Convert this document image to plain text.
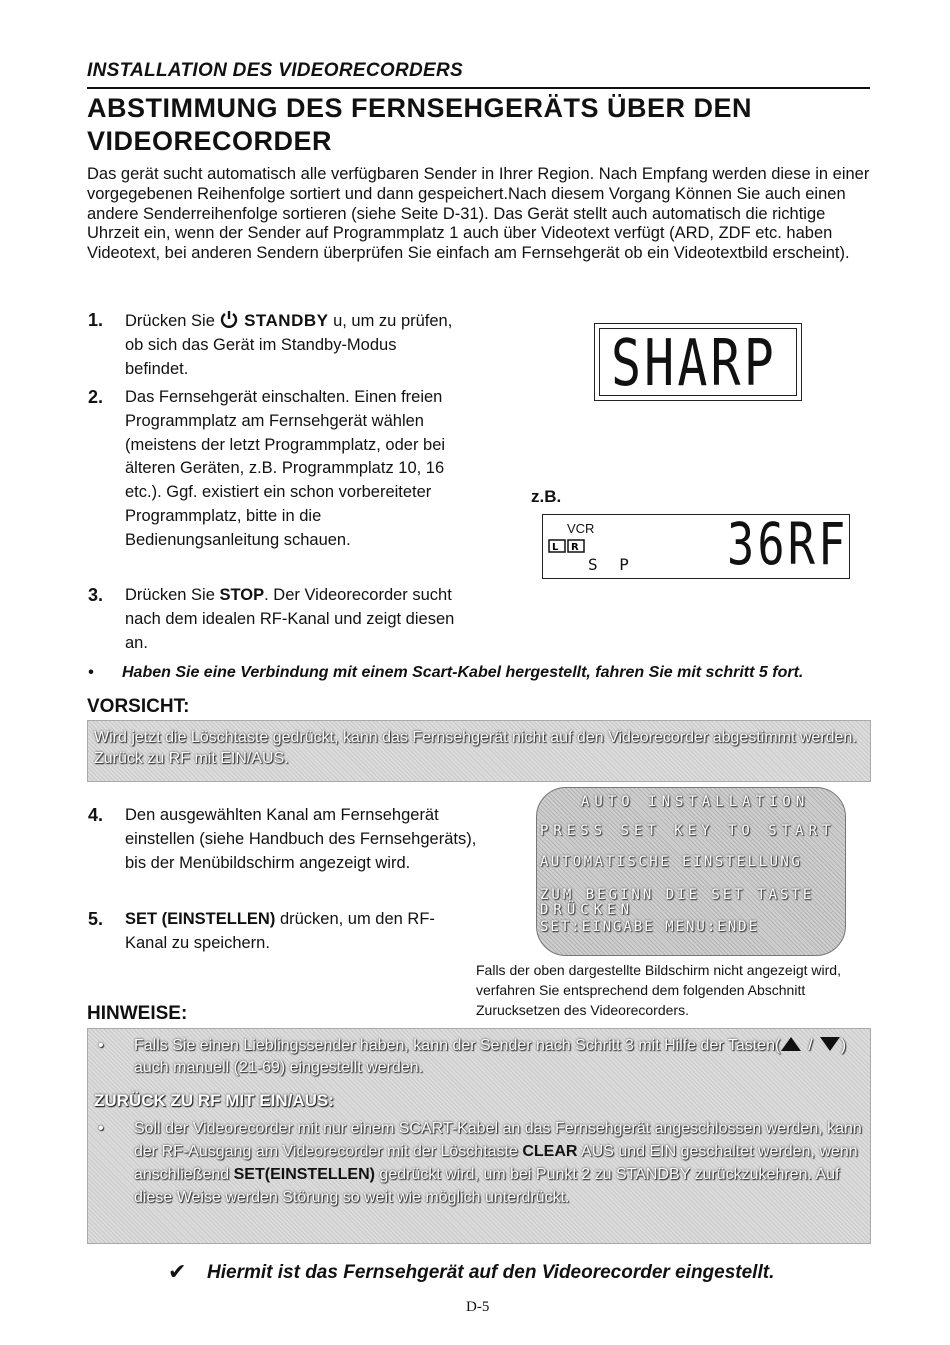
INSTALLATION DES VIDEORECORDERS
ABSTIMMUNG DES FERNSEHGERÄTS ÜBER DEN VIDEORECORDER
Das gerät sucht automatisch alle verfügbaren Sender in Ihrer Region. Nach Empfang werden diese in einer vorgegebenen Reihenfolge sortiert und dann gespeichert.Nach diesem Vorgang Können Sie auch einen andere Senderreihenfolge sortieren (siehe Seite D-31). Das Gerät stellt auch automatisch die richtige Uhrzeit ein, wenn der Sender auf Programmplatz 1 auch über Videotext verfügt (ARD, ZDF etc. haben Videotext, bei anderen Sendern überprüfen Sie einfach am Fernsehgerät ob ein Videotextbild erscheint).
1. Drücken Sie STANDBY u, um zu prüfen, ob sich das Gerät im Standby-Modus befindet.	SHARP
2. Das Fernsehgerät einschalten. Einen freien Programmplatz am Fernsehgerät wählen (meistens der letzt Programmplatz, oder bei älteren Geräten, z.B. Programmplatz 10, 16 etc.). Ggf. existiert ein schon vorbereiteter Programmplatz, bitte in die Bedienungsanleitung schauen.
z.B.
VCR
L R
S P 36RF
3. Drücken Sie STOP. Der Videorecorder sucht nach dem idealen RF-Kanal und zeigt diesen an.
• Haben Sie eine Verbindung mit einem Scart-Kabel hergestellt, fahren Sie mit schritt 5 fort.
VORSICHT:
Wird jetzt die Löschtaste gedrückt, kann das Fernsehgerät nicht auf den Videorecorder abgestimmt werden. Zurück zu RF mit EIN/AUS.
4. Den ausgewählten Kanal am Fernsehgerät einstellen (siehe Handbuch des Fernsehgeräts), bis der Menübildschirm angezeigt wird.
5. SET (EINSTELLEN) drücken, um den RF-Kanal zu speichern.
AUTO INSTALLATION
PRESS SET KEY TO START
AUTOMATISCHE EINSTELLUNG
ZUM BEGINN DIE SET TASTE
DRÜCKEN
SET:EINGABE MENU:ENDE
Falls der oben dargestellte Bildschirm nicht angezeigt wird, verfahren Sie entsprechend dem folgenden Abschnitt Zurucksetzen des Videorecorders.
HINWEISE:
• Falls Sie einen Lieblingssender haben, kann der Sender nach Schritt 3 mit Hilfe der Tasten( / ) auch manuell (21-69) eingestellt werden.
ZURÜCK ZU RF MIT EIN/AUS:
• Soll der Videorecorder mit nur einem SCART-Kabel an das Fernsehgerät angeschlossen werden, kann der RF-Ausgang am Videorecorder mit der Löschtaste CLEAR AUS und EIN geschaltet werden, wenn anschließend SET(EINSTELLEN) gedrückt wird, um bei Punkt 2 zu STANDBY zurückzukehren. Auf diese Weise werden Störung so weit wie möglich unterdrückt.
✔ Hiermit ist das Fernsehgerät auf den Videorecorder eingestellt.
D-5
